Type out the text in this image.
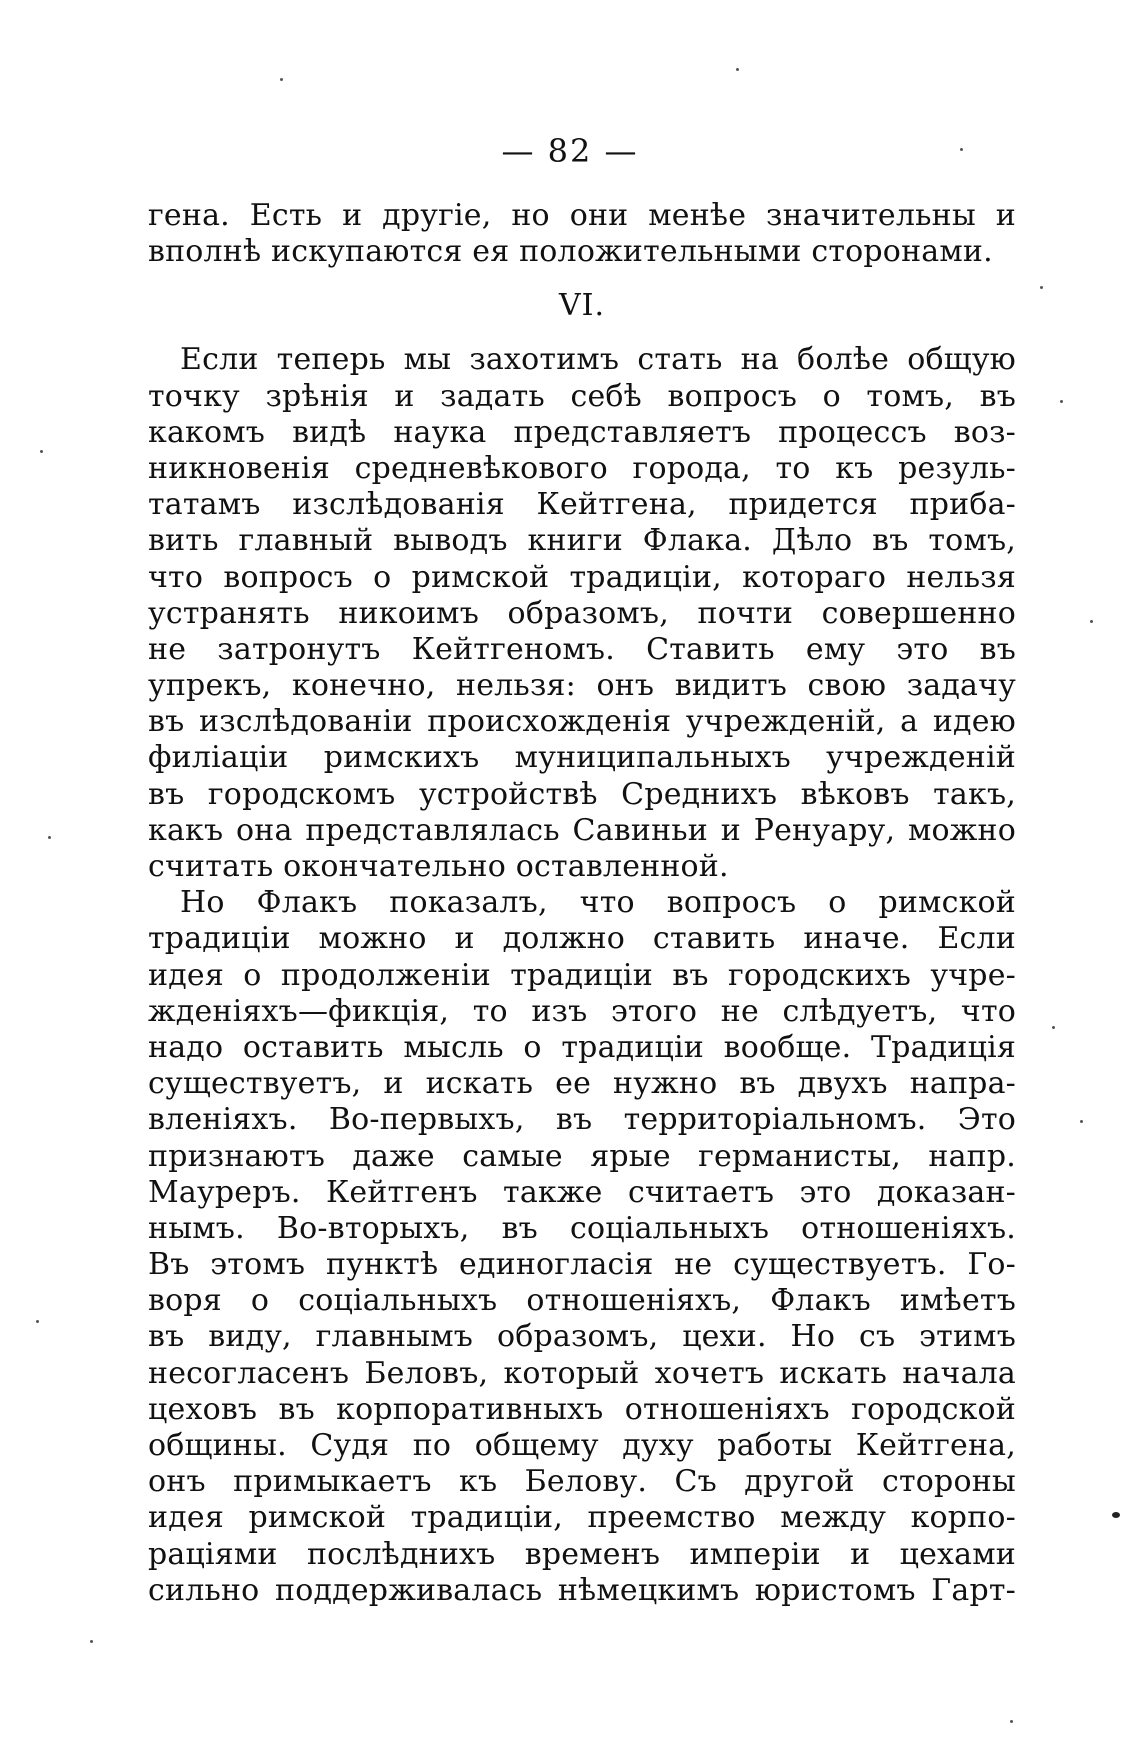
— 82 —
гена. Есть и другіе, но они менѣе значительны и
вполнѣ искупаются ея положительными сторонами.
VI.
Если теперь мы захотимъ стать на болѣе общую
точку зрѣнія и задать себѣ вопросъ о томъ, въ
какомъ видѣ наука представляетъ процессъ воз-
никновенія средневѣкового города, то къ резуль-
татамъ изслѣдованія Кейтгена, придется приба-
вить главный выводъ книги Флака. Дѣло въ томъ,
что вопросъ о римской традиціи, котораго нельзя
устранять никоимъ образомъ, почти совершенно
не затронутъ Кейтгеномъ. Ставить ему это въ
упрекъ, конечно, нельзя: онъ видитъ свою задачу
въ изслѣдованіи происхожденія учрежденій, а идею
филіаціи римскихъ муниципальныхъ учрежденій
въ городскомъ устройствѣ Среднихъ вѣковъ такъ,
какъ она представлялась Савиньи и Ренуару, можно
считать окончательно оставленной.
Но Флакъ показалъ, что вопросъ о римской
традиціи можно и должно ставить иначе. Если
идея о продолженіи традиціи въ городскихъ учре-
жденіяхъ—фикція, то изъ этого не слѣдуетъ, что
надо оставить мысль о традиціи вообще. Традиція
существуетъ, и искать ее нужно въ двухъ напра-
вленіяхъ. Во-первыхъ, въ территоріальномъ. Это
признаютъ даже самые ярые германисты, напр.
Мауреръ. Кейтгенъ также считаетъ это доказан-
нымъ. Во-вторыхъ, въ соціальныхъ отношеніяхъ.
Въ этомъ пунктѣ единогласія не существуетъ. Го-
воря о соціальныхъ отношеніяхъ, Флакъ имѣетъ
въ виду, главнымъ образомъ, цехи. Но съ этимъ
несогласенъ Беловъ, который хочетъ искать начала
цеховъ въ корпоративныхъ отношеніяхъ городской
общины. Судя по общему духу работы Кейтгена,
онъ примыкаетъ къ Белову. Съ другой стороны
идея римской традиціи, преемство между корпо-
раціями послѣднихъ временъ имперіи и цехами
сильно поддерживалась нѣмецкимъ юристомъ Гарт-
